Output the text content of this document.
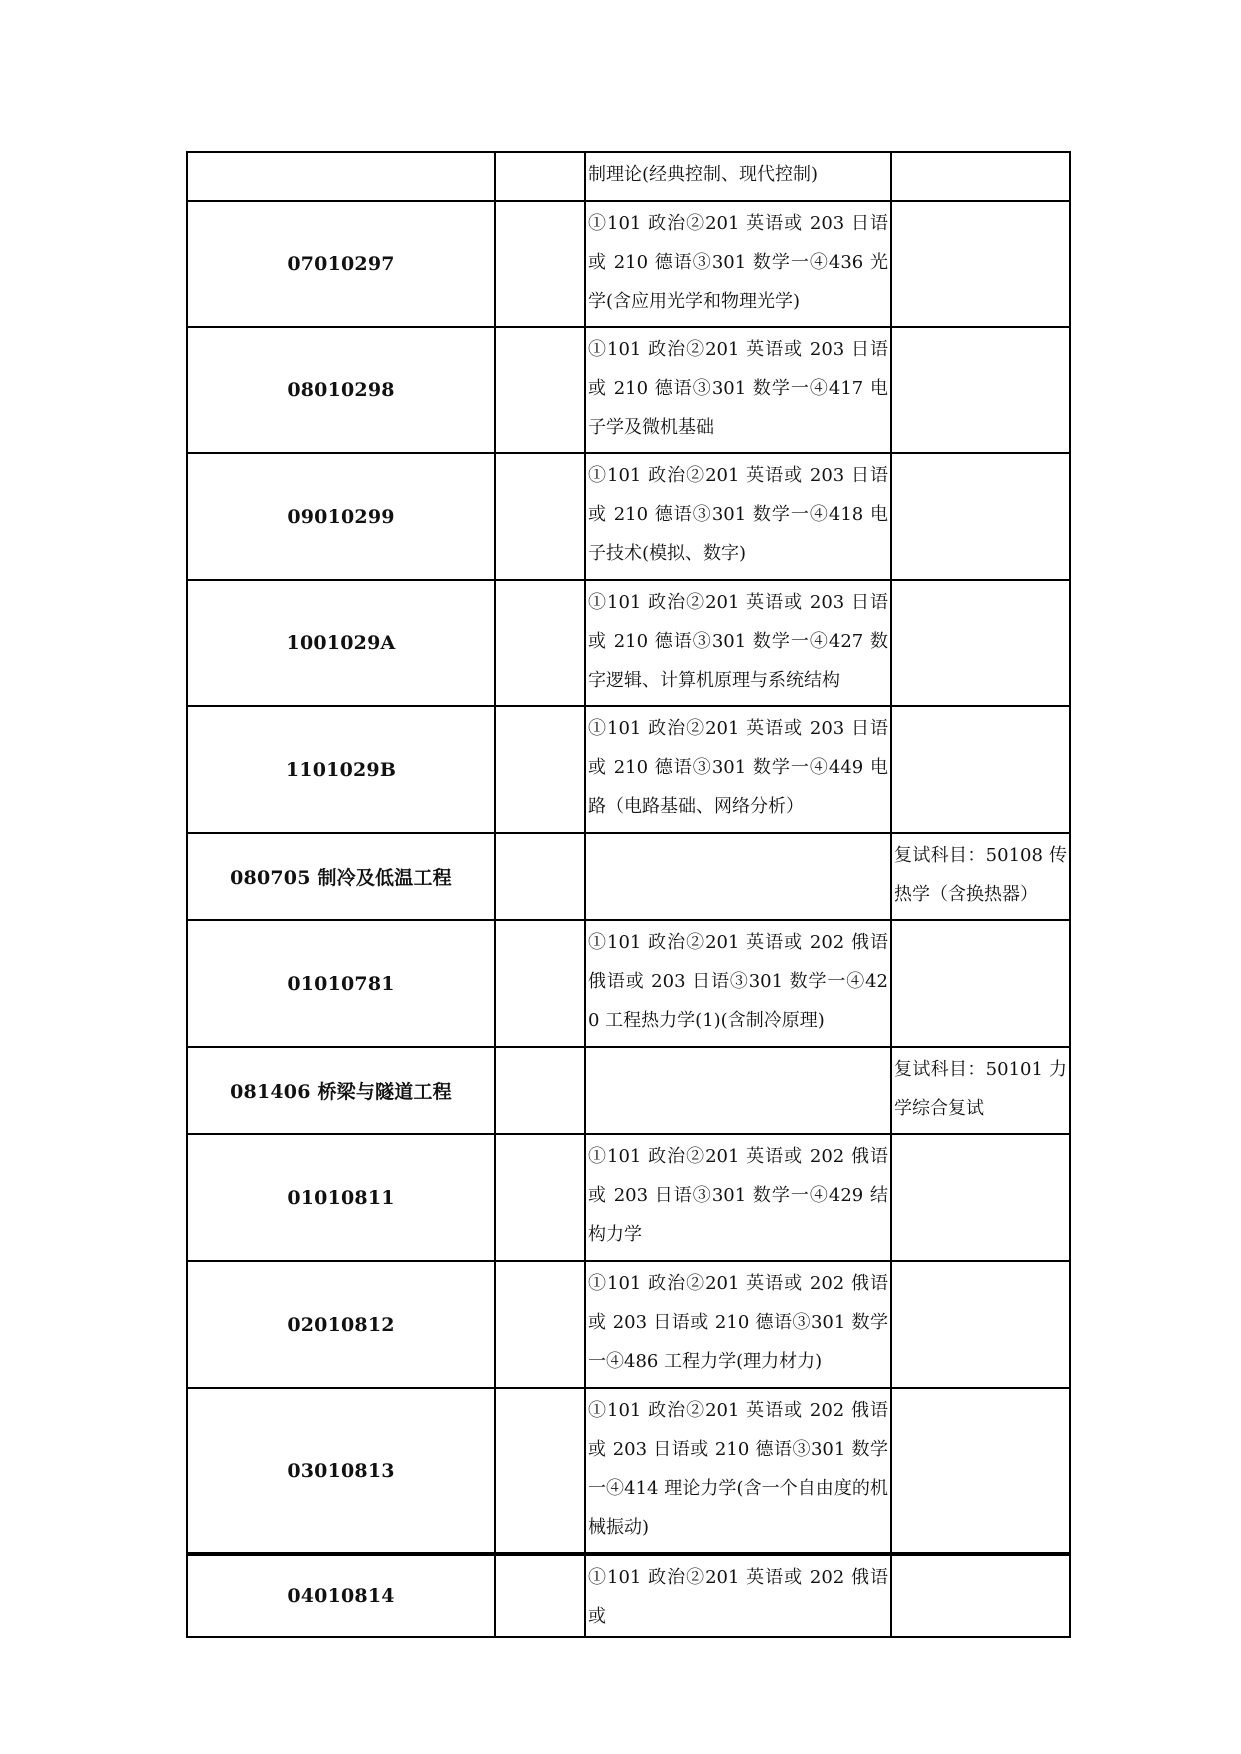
		制理论(经典控制、现代控制)	
07010297		①101 政治②201 英语或 203 日语或 210 德语③301 数学一④436 光学(含应用光学和物理光学)	
08010298		①101 政治②201 英语或 203 日语或 210 德语③301 数学一④417 电子学及微机基础	
09010299		①101 政治②201 英语或 203 日语或 210 德语③301 数学一④418 电子技术(模拟、数字)	
1001029A		①101 政治②201 英语或 203 日语或 210 德语③301 数学一④427 数字逻辑、计算机原理与系统结构	
1101029B		①101 政治②201 英语或 203 日语或 210 德语③301 数学一④449 电路（电路基础、网络分析）	
080705 制冷及低温工程			复试科目：50108 传热学（含换热器）
01010781		①101 政治②201 英语或 202 俄语俄语或 203 日语③301 数学一④42 0 工程热力学(1)(含制冷原理)	
081406 桥梁与隧道工程			复试科目：50101 力学综合复试
01010811		①101 政治②201 英语或 202 俄语或 203 日语③301 数学一④429 结构力学	
02010812		①101 政治②201 英语或 202 俄语或 203 日语或 210 德语③301 数学一④486 工程力学(理力材力)	
03010813		①101 政治②201 英语或 202 俄语或 203 日语或 210 德语③301 数学一④414 理论力学(含一个自由度的机械振动)	
04010814		①101 政治②201 英语或 202 俄语或	
